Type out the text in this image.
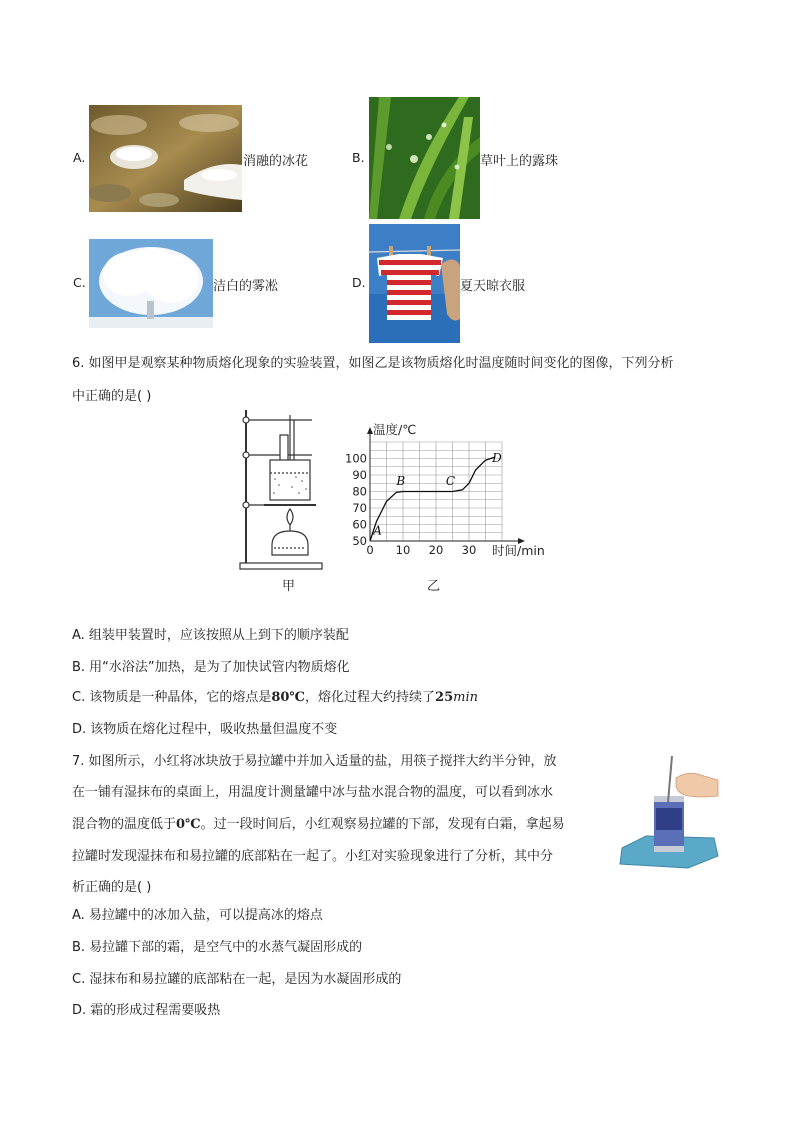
A.	消融的冰花	B.	草叶上的露珠
C.	洁白的雾凇	D.	夏天晾衣服
6. 如图甲是观察某种物质熔化现象的实验装置，如图乙是该物质熔化时温度随时间变化的图像，下列分析
中正确的是( )
甲
温度/℃
时间/min
0 10 20 30
50
60
70
80
90
100
A
B	C
D
乙
A. 组装甲装置时，应该按照从上到下的顺序装配
B. 用“水浴法”加热，是为了加快试管内物质熔化
C. 该物质是一种晶体，它的熔点是80℃，熔化过程大约持续了25min
D. 该物质在熔化过程中，吸收热量但温度不变
7. 如图所示，小红将冰块放于易拉罐中并加入适量的盐，用筷子搅拌大约半分钟，放
在一铺有湿抹布的桌面上，用温度计测量罐中冰与盐水混合物的温度，可以看到冰水
混合物的温度低于0℃。过一段时间后，小红观察易拉罐的下部，发现有白霜，拿起易
拉罐时发现湿抹布和易拉罐的底部粘在一起了。小红对实验现象进行了分析，其中分
析正确的是( )
A. 易拉罐中的冰加入盐，可以提高冰的熔点
B. 易拉罐下部的霜，是空气中的水蒸气凝固形成的
C. 湿抹布和易拉罐的底部粘在一起，是因为水凝固形成的
D. 霜的形成过程需要吸热
